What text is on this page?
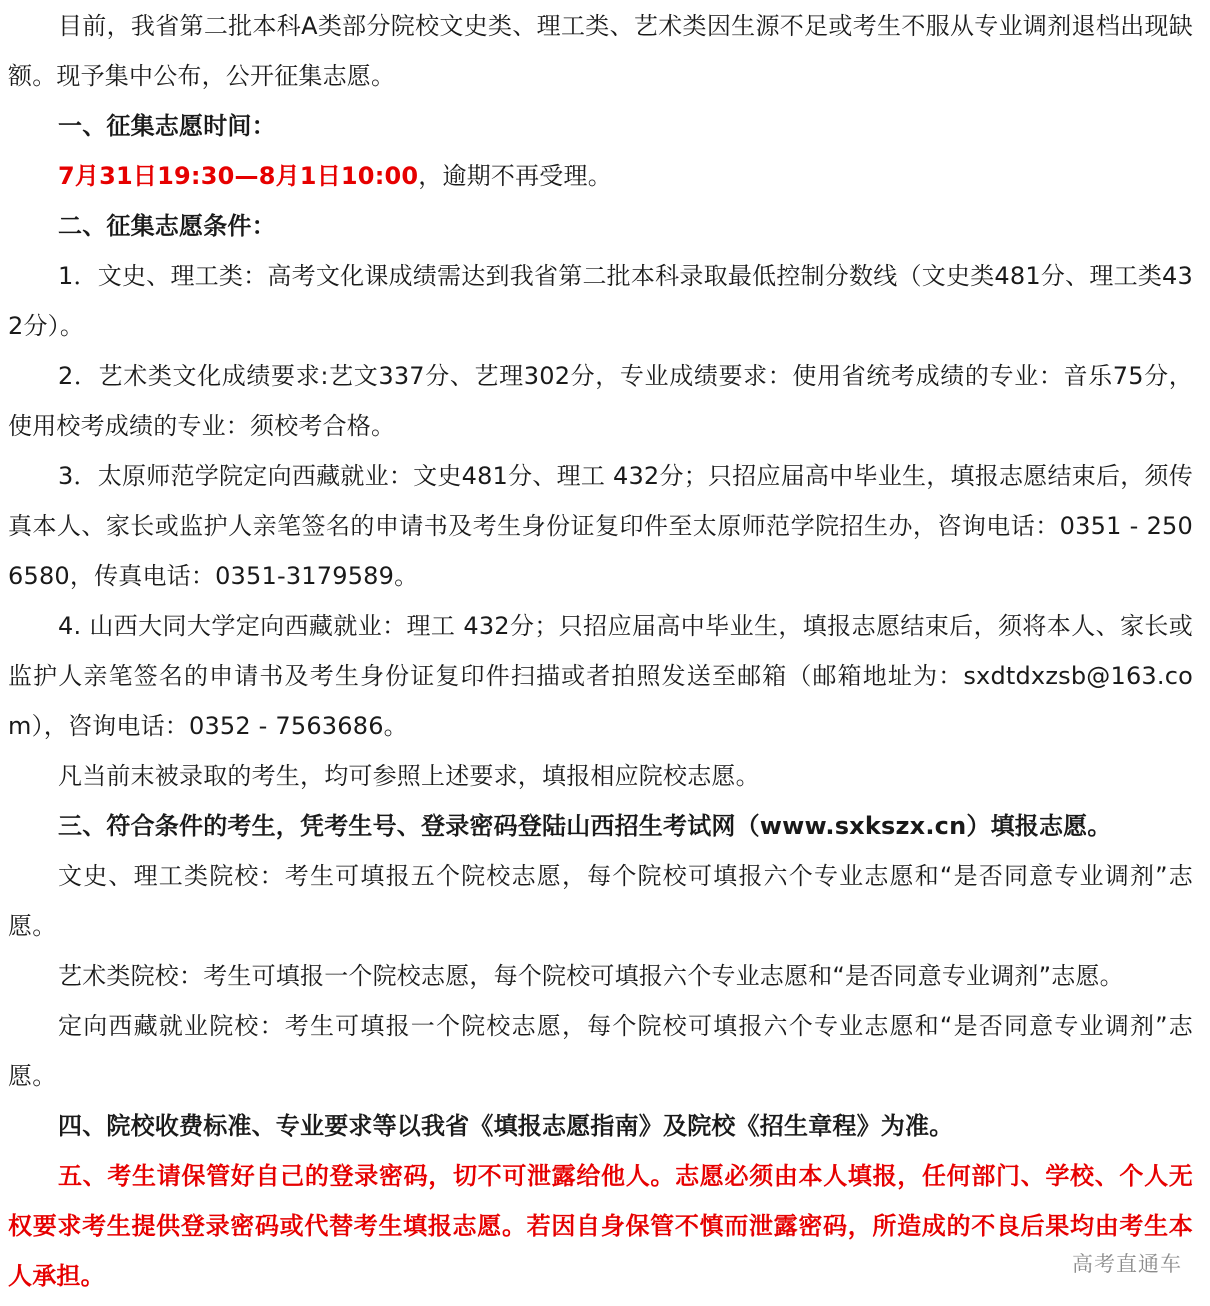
目前，我省第二批本科A类部分院校文史类、理工类、艺术类因生源不足或考生不服从专业调剂退档出现缺额。现予集中公布，公开征集志愿。

一、征集志愿时间：

7月31日19:30—8月1日10:00，逾期不再受理。

二、征集志愿条件：

1．文史、理工类：高考文化课成绩需达到我省第二批本科录取最低控制分数线（文史类481分、理工类432分）。

2．艺术类文化成绩要求:艺文337分、艺理302分，专业成绩要求：使用省统考成绩的专业：音乐75分，使用校考成绩的专业：须校考合格。

3．太原师范学院定向西藏就业：文史481分、理工 432分；只招应届高中毕业生，填报志愿结束后，须传真本人、家长或监护人亲笔签名的申请书及考生身份证复印件至太原师范学院招生办，咨询电话：0351 - 2506580，传真电话：0351-3179589。

4. 山西大同大学定向西藏就业：理工 432分；只招应届高中毕业生，填报志愿结束后，须将本人、家长或监护人亲笔签名的申请书及考生身份证复印件扫描或者拍照发送至邮箱（邮箱地址为：sxdtdxzsb@163.com），咨询电话：0352 - 7563686。

凡当前末被录取的考生，均可参照上述要求，填报相应院校志愿。

三、符合条件的考生，凭考生号、登录密码登陆山西招生考试网（www.sxkszx.cn）填报志愿。

文史、理工类院校：考生可填报五个院校志愿，每个院校可填报六个专业志愿和“是否同意专业调剂”志愿。

艺术类院校：考生可填报一个院校志愿，每个院校可填报六个专业志愿和“是否同意专业调剂”志愿。

定向西藏就业院校：考生可填报一个院校志愿，每个院校可填报六个专业志愿和“是否同意专业调剂”志愿。

四、院校收费标准、专业要求等以我省《填报志愿指南》及院校《招生章程》为准。

五、考生请保管好自己的登录密码，切不可泄露给他人。志愿必须由本人填报，任何部门、学校、个人无权要求考生提供登录密码或代替考生填报志愿。若因自身保管不慎而泄露密码，所造成的不良后果均由考生本人承担。	高考直通车
